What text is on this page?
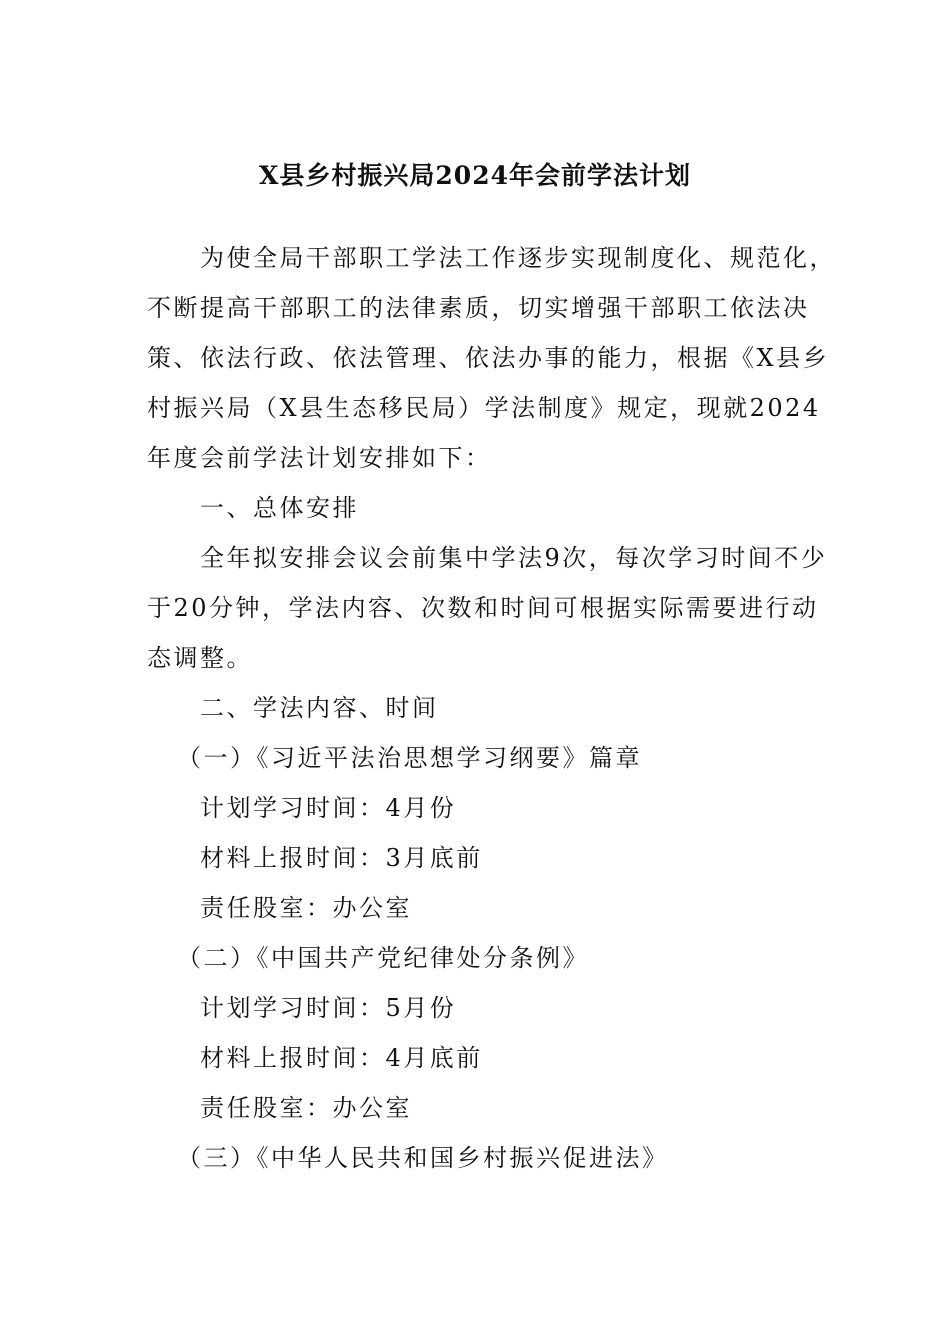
X县乡村振兴局2024年会前学法计划

为使全局干部职工学法工作逐步实现制度化、规范化，

不断提高干部职工的法律素质，切实增强干部职工依法决

策、依法行政、依法管理、依法办事的能力，根据《X县乡

村振兴局（X县生态移民局）学法制度》规定，现就2024

年度会前学法计划安排如下：

一、总体安排

全年拟安排会议会前集中学法9次，每次学习时间不少

于20分钟，学法内容、次数和时间可根据实际需要进行动

态调整。

二、学法内容、时间

（一）《习近平法治思想学习纲要》篇章

计划学习时间：4月份

材料上报时间：3月底前

责任股室：办公室

（二）《中国共产党纪律处分条例》

计划学习时间：5月份

材料上报时间：4月底前

责任股室：办公室

（三）《中华人民共和国乡村振兴促进法》
